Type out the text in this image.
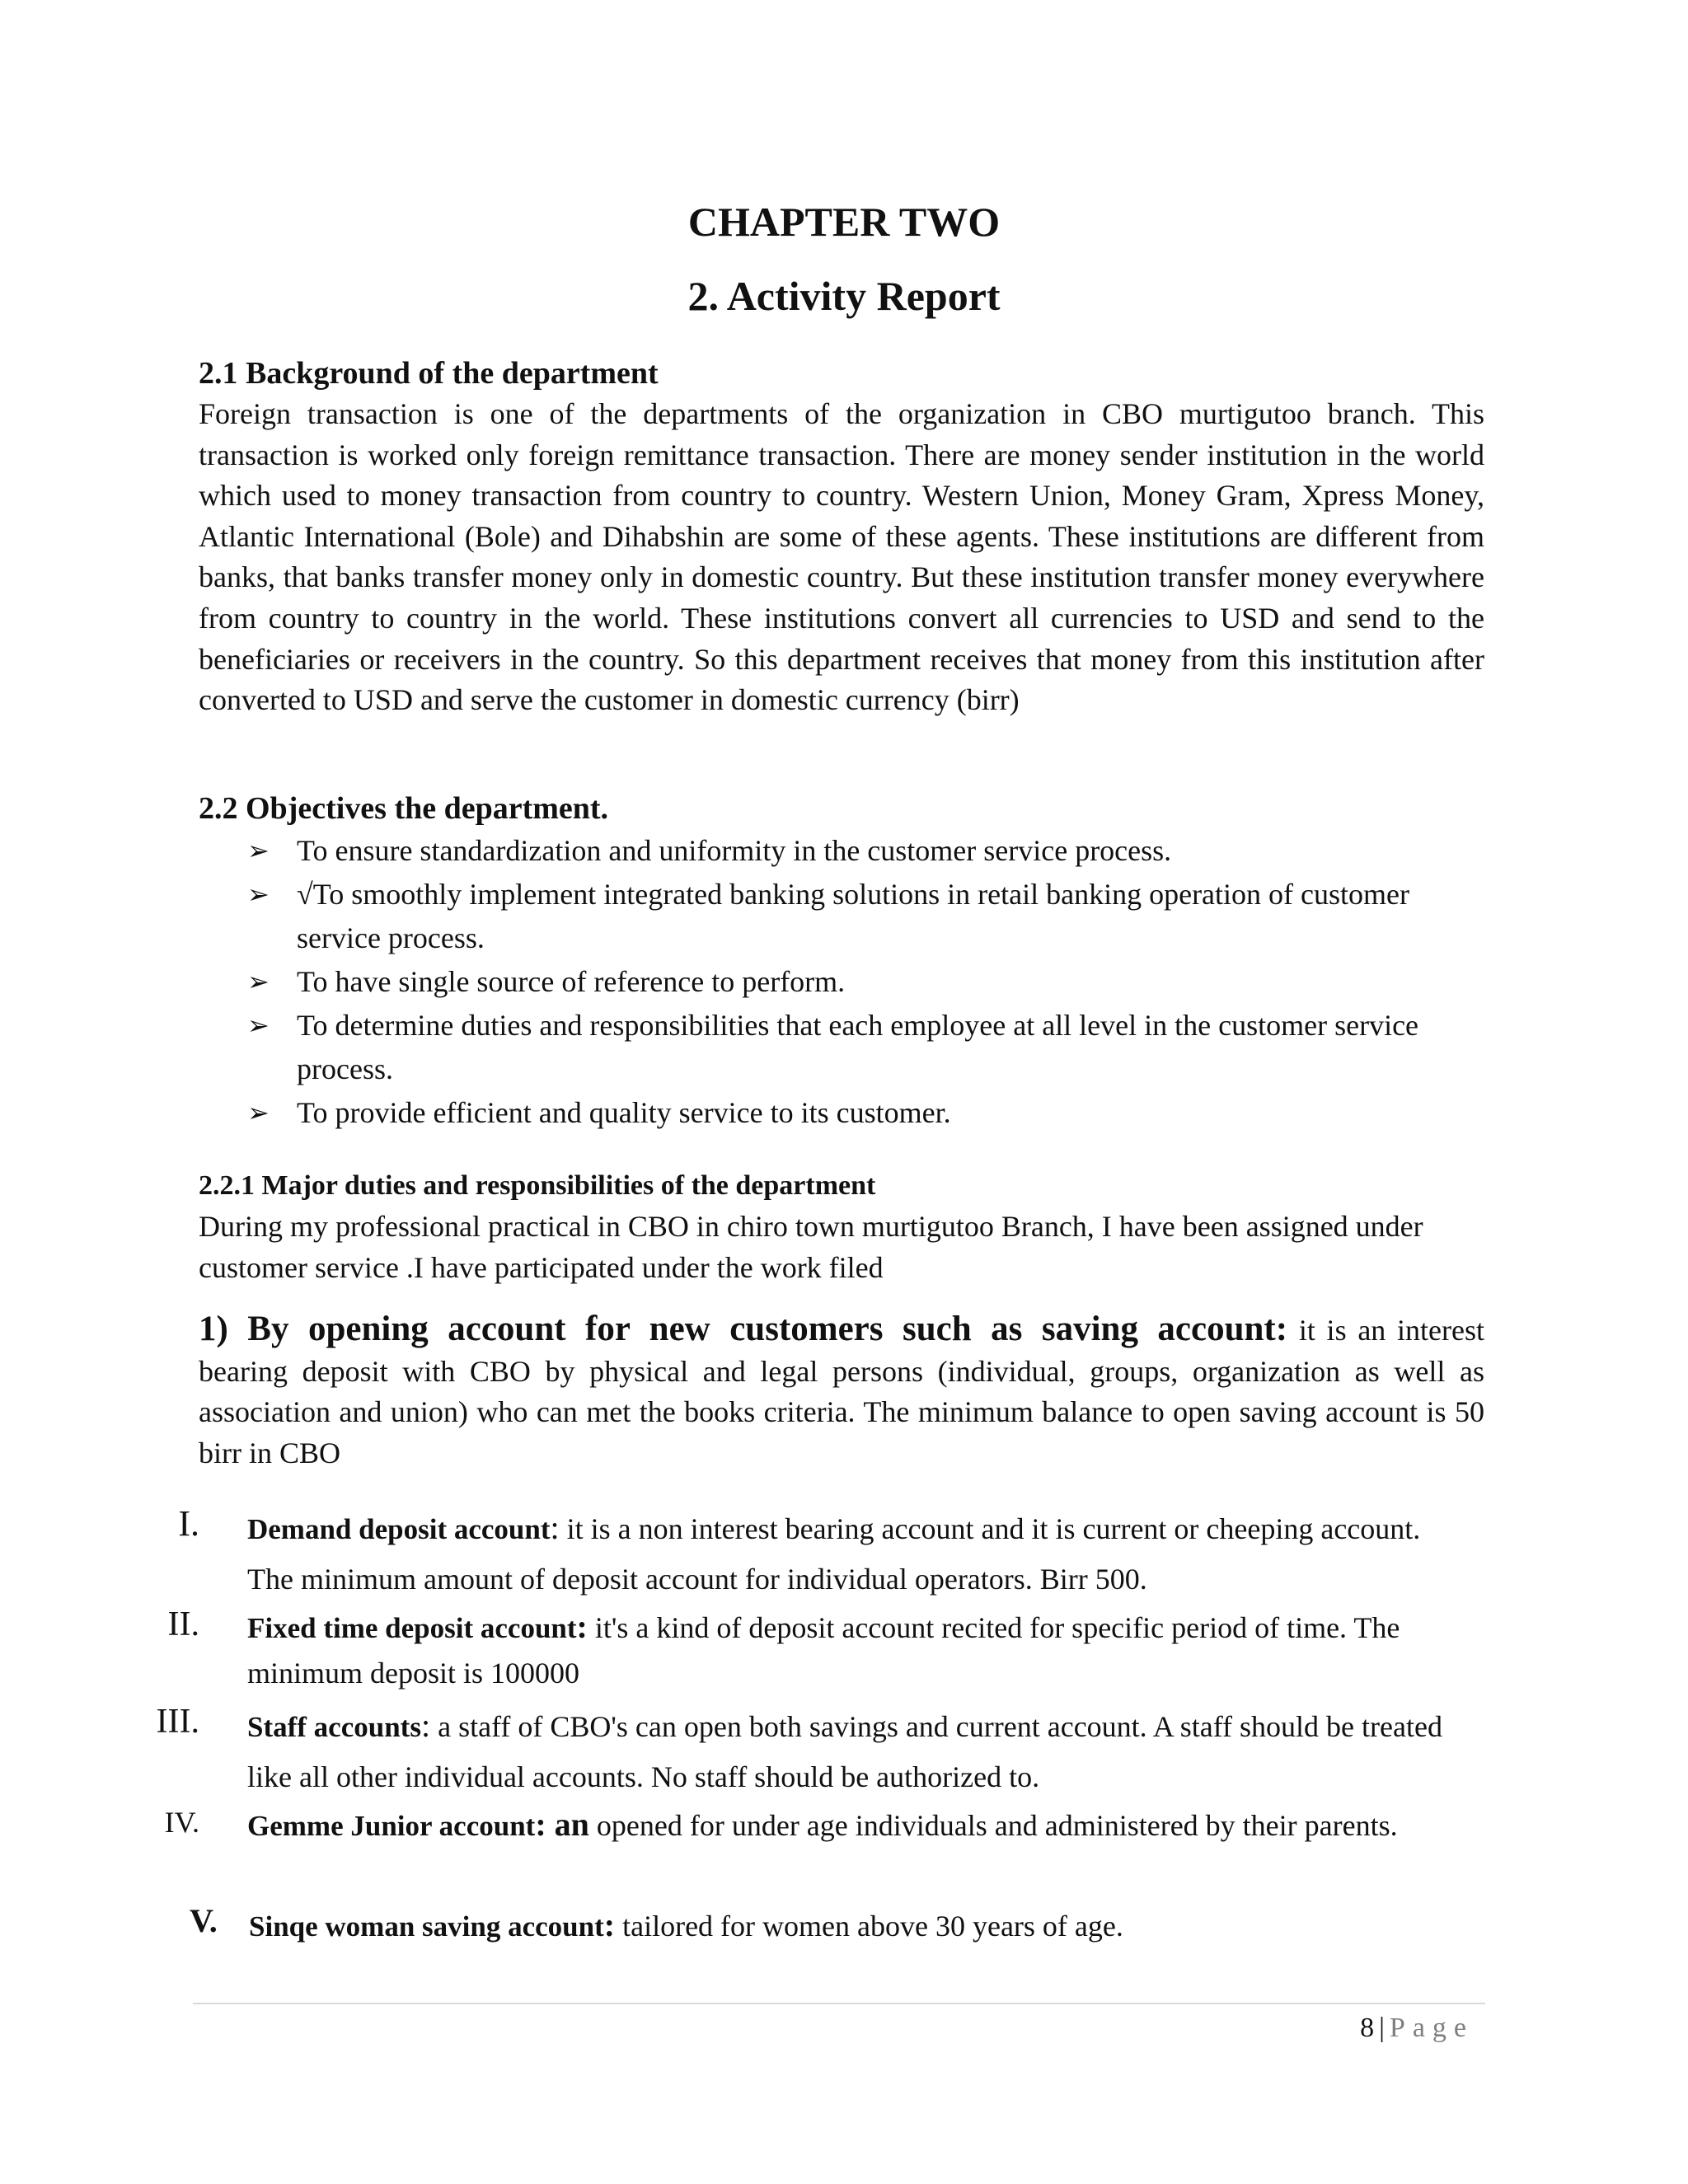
CHAPTER TWO
2. Activity Report
2.1 Background of the department

Foreign transaction is one of the departments of the organization in CBO murtigutoo branch. This transaction is worked only foreign remittance transaction. There are money sender institution in the world which used to money transaction from country to country. Western Union, Money Gram, Xpress Money, Atlantic International (Bole) and Dihabshin are some of these agents. These institutions are different from banks, that banks transfer money only in domestic country. But these institution transfer money everywhere from country to country in the world. These institutions convert all currencies to USD and send to the beneficiaries or receivers in the country. So this department receives that money from this institution after converted to USD and serve the customer in domestic currency (birr)

2.2 Objectives the department.
➢ To ensure standardization and uniformity in the customer service process.
➢ √To smoothly implement integrated banking solutions in retail banking operation of customer service process.
➢ To have single source of reference to perform.
➢ To determine duties and responsibilities that each employee at all level in the customer service process.
➢ To provide efficient and quality service to its customer.
2.2.1 Major duties and responsibilities of the department

During my professional practical in CBO in chiro town murtigutoo Branch, I have been assigned under customer service .I have participated under the work filed

1) By opening account for new customers such as saving account: it is an interest bearing deposit with CBO by physical and legal persons (individual, groups, organization as well as association and union) who can met the books criteria. The minimum balance to open saving account is 50 birr in CBO

I. Demand deposit account: it is a non interest bearing account and it is current or cheeping account. The minimum amount of deposit account for individual operators. Birr 500.
II. Fixed time deposit account: it's a kind of deposit account recited for specific period of time. The minimum deposit is 100000
III. Staff accounts: a staff of CBO's can open both savings and current account. A staff should be treated like all other individual accounts. No staff should be authorized to.
IV. Gemme Junior account: an opened for under age individuals and administered by their parents.
V.	Sinqe woman saving account: tailored for women above 30 years of age.
8 | Page
